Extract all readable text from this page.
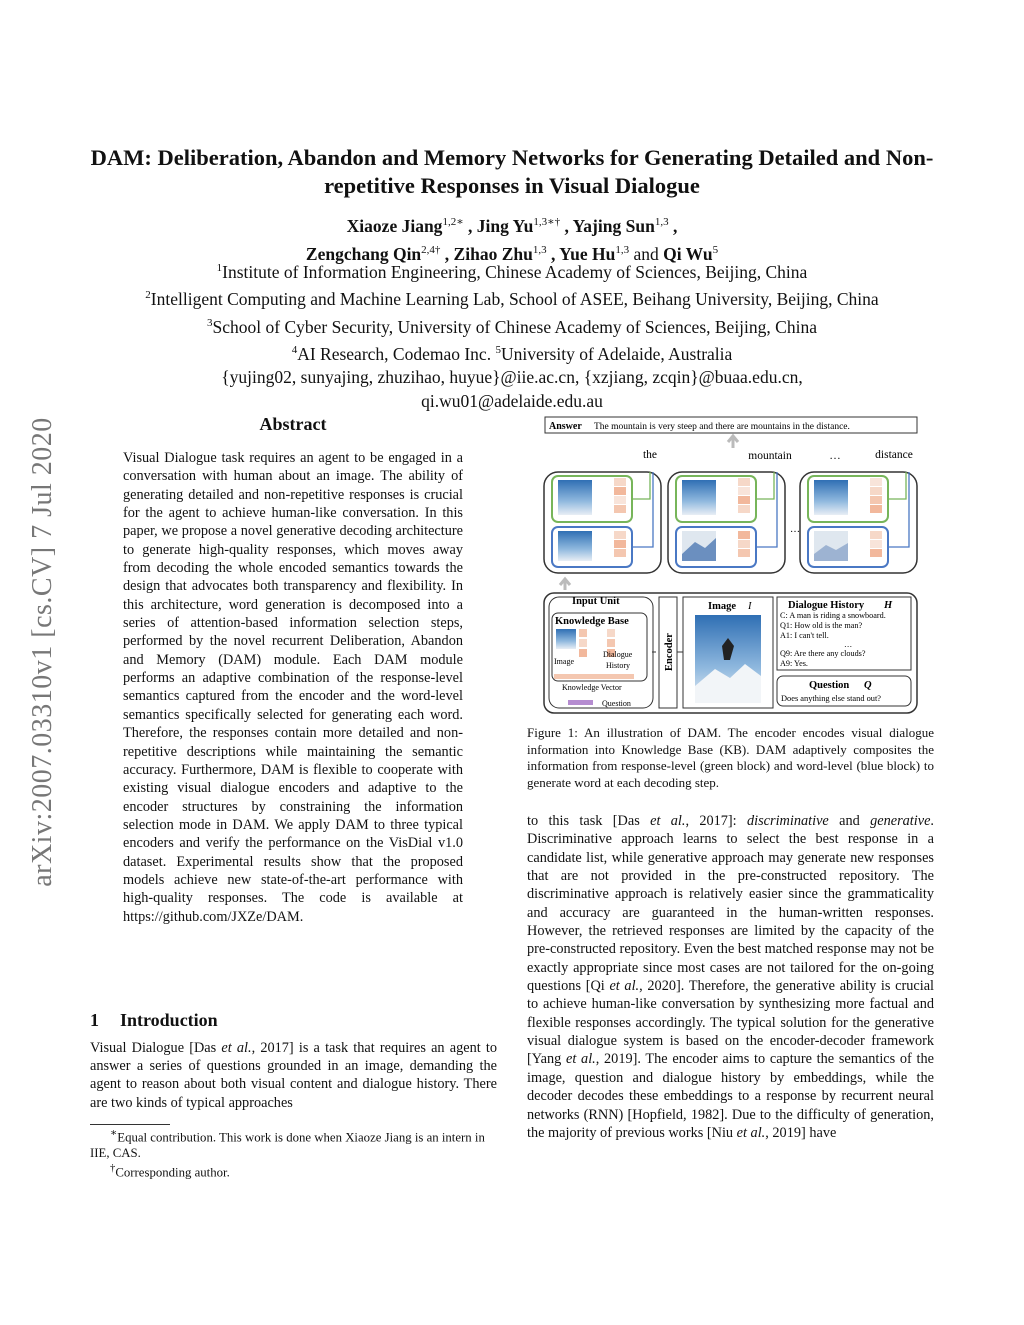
arXiv:2007.03310v1 [cs.CV] 7 Jul 2020
DAM: Deliberation, Abandon and Memory Networks for Generating Detailed and Non-repetitive Responses in Visual Dialogue
Xiaoze Jiang$^{1,2∗}$ , Jing $Yu^{1,3∗\dagger}$ , Yajing Sun$^{1,3}$ ,
Zengchang Qin$^{2,4\dagger}$ , Zihao Zhu$^{1,3}$ , Yue Hu$^{1,3}$ and Qi Wu$^5$
$^1$Institute of Information Engineering, Chinese Academy of Sciences, Beijing, China
$^2$Intelligent Computing and Machine Learning Lab, School of ASEE, Beihang University, Beijing, China
$^3$School of Cyber Security, University of Chinese Academy of Sciences, Beijing, China
$^4$AI Research, Codemao Inc. $^5$University of Adelaide, Australia
{yujing02, sunyajing, zhuzihao, huyue}@iie.ac.cn, {xzjiang, zcqin}@buaa.edu.cn,
qi.wu01@adelaide.edu.au
Abstract
Visual Dialogue task requires an agent to be engaged in a conversation with human about an image. The ability of generating detailed and non-repetitive responses is crucial for the agent to achieve human-like conversation. In this paper, we propose a novel generative decoding architecture to generate high-quality responses, which moves away from decoding the whole encoded semantics towards the design that advocates both transparency and flexibility. In this architecture, word generation is decomposed into a series of attention-based information selection steps, performed by the novel recurrent Deliberation, Abandon and Memory (DAM) module. Each DAM module performs an adaptive combination of the response-level semantics captured from the encoder and the word-level semantics specifically selected for generating each word. Therefore, the responses contain more detailed and non-repetitive descriptions while maintaining the semantic accuracy. Furthermore, DAM is flexible to cooperate with existing visual dialogue encoders and adaptive to the encoder structures by constraining the information selection mode in DAM. We apply DAM to three typical encoders and verify the performance on the VisDial v1.0 dataset. Experimental results show that the proposed models achieve new state-of-the-art performance with high-quality responses. The code is available at https://github.com/JXZe/DAM.
1 Introduction
Visual Dialogue [Das et al., 2017] is a task that requires an agent to answer a series of questions grounded in an image, demanding the agent to reason about both visual content and dialogue history. There are two kinds of typical approaches

∗Equal contribution. This work is done when Xiaoze Jiang is an intern in IIE, CAS.

†Corresponding author.

Answer The mountain is very steep and there are mountains in the distance.
the	mountain	…	distance
…
Input Unit
Knowledge Base
Image
Dialogue
History
Knowledge Vector
Question
Encoder
Image I	Dialogue History H
C: A man is riding a snowboard.
Q1: How old is the man?
A1: I can't tell.
…
Q9: Are there any clouds?
A9: Yes.
Question Q
Does anything else stand out?
Figure 1: An illustration of DAM. The encoder encodes visual dialogue information into Knowledge Base (KB). DAM adaptively composites the information from response-level (green block) and word-level (blue block) to generate word at each decoding step.
to this task [Das et al., 2017]: discriminative and generative. Discriminative approach learns to select the best response in a candidate list, while generative approach may generate new responses that are not provided in the pre-constructed repository. The discriminative approach is relatively easier since the grammaticality and accuracy are guaranteed in the human-written responses. However, the retrieved responses are limited by the capacity of the pre-constructed repository. Even the best matched response may not be exactly appropriate since most cases are not tailored for the on-going questions [Qi et al., 2020]. Therefore, the generative ability is crucial to achieve human-like conversation by synthesizing more factual and flexible responses accordingly. The typical solution for the generative visual dialogue system is based on the encoder-decoder framework [Yang et al., 2019]. The encoder aims to capture the semantics of the image, question and dialogue history by embeddings, while the decoder decodes these embeddings to a response by recurrent neural networks (RNN) [Hopfield, 1982]. Due to the difficulty of generation, the majority of previous works [Niu et al., 2019] have
